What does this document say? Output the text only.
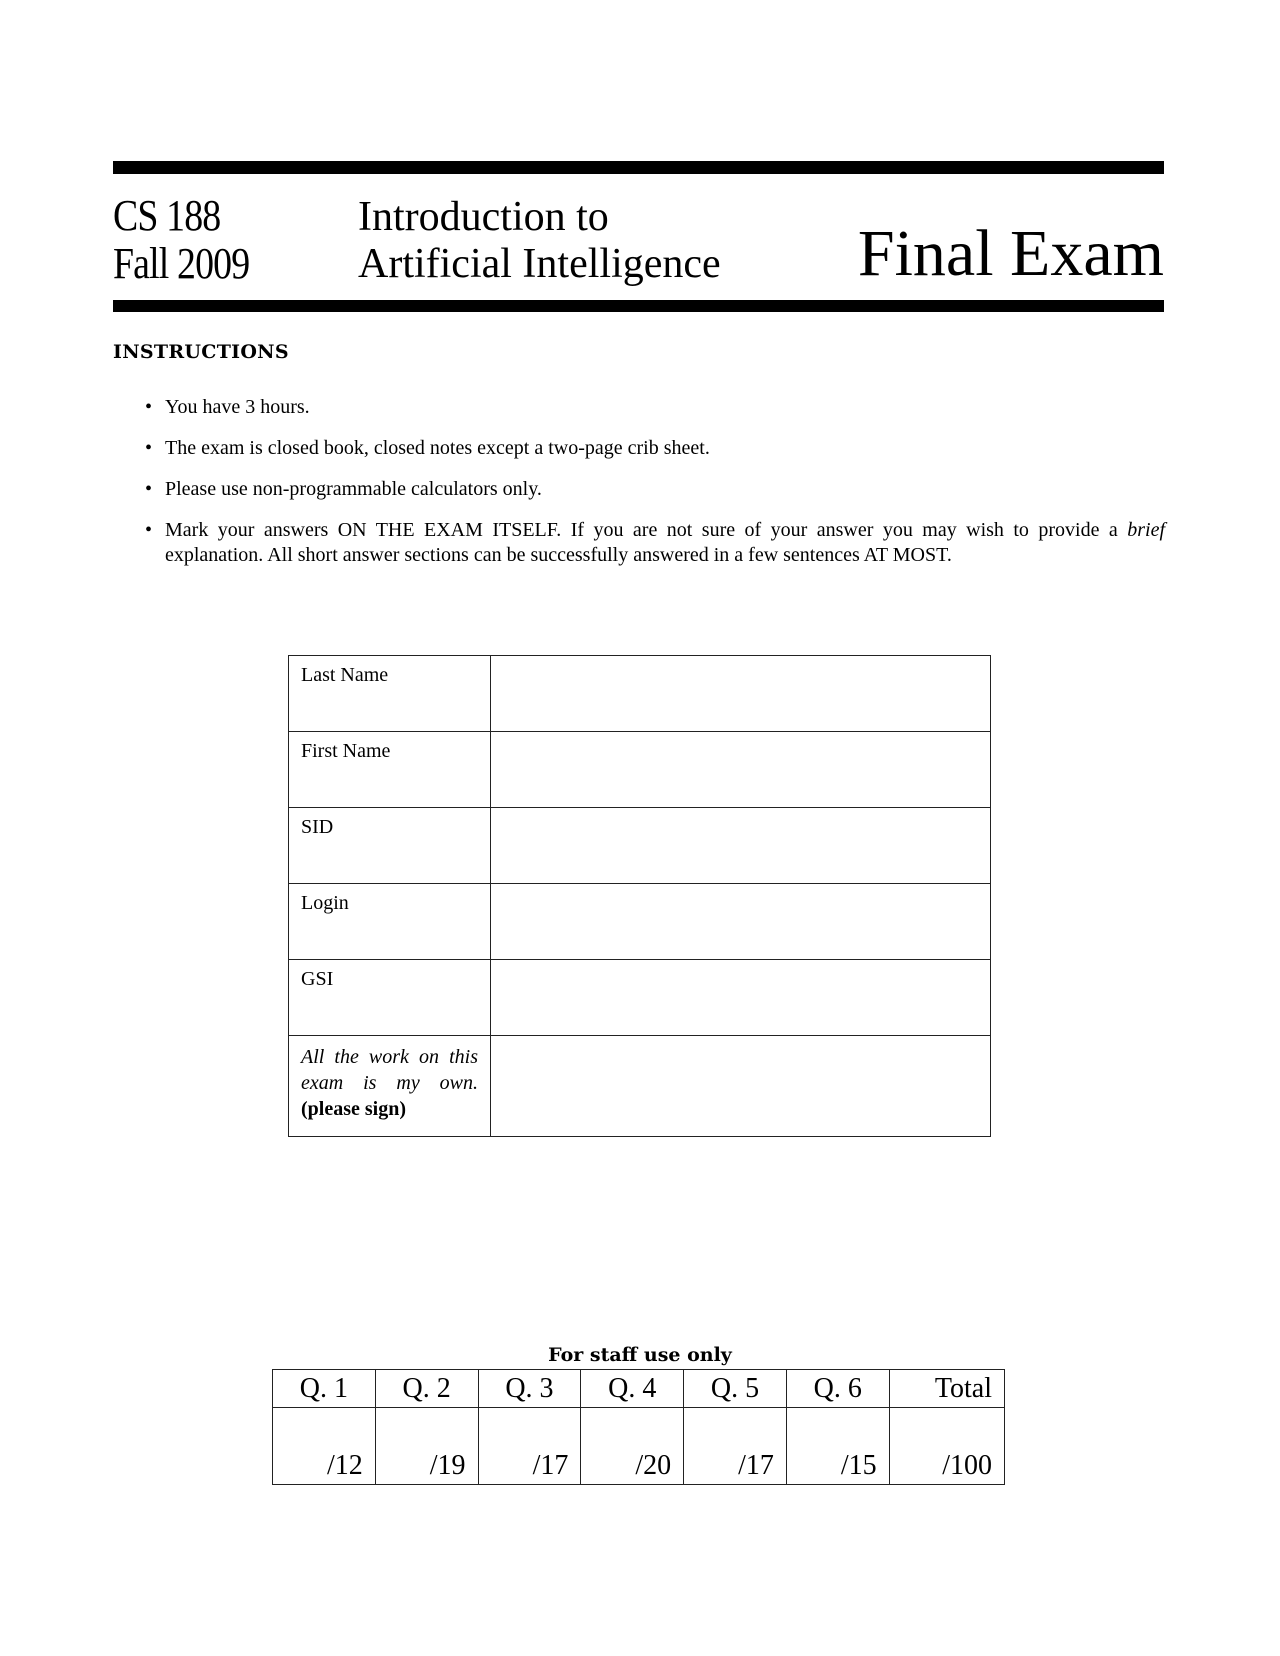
CS 188
Fall 2009
Introduction to
Artificial Intelligence Final Exam
INSTRUCTIONS
• You have 3 hours.
• The exam is closed book, closed notes except a two-page crib sheet.
• Please use non-programmable calculators only.
• Mark your answers ON THE EXAM ITSELF. If you are not sure of your answer you may wish to provide a brief explanation. All short answer sections can be successfully answered in a few sentences AT MOST.
Last Name	
First Name	
SID	
Login	
GSI	

All the work on this exam is my own.
(please sign)	

For staff use only
Q. 1	Q. 2	Q. 3	Q. 4	Q. 5	Q. 6	Total
/12	/19	/17	/20	/17	/15	/100
